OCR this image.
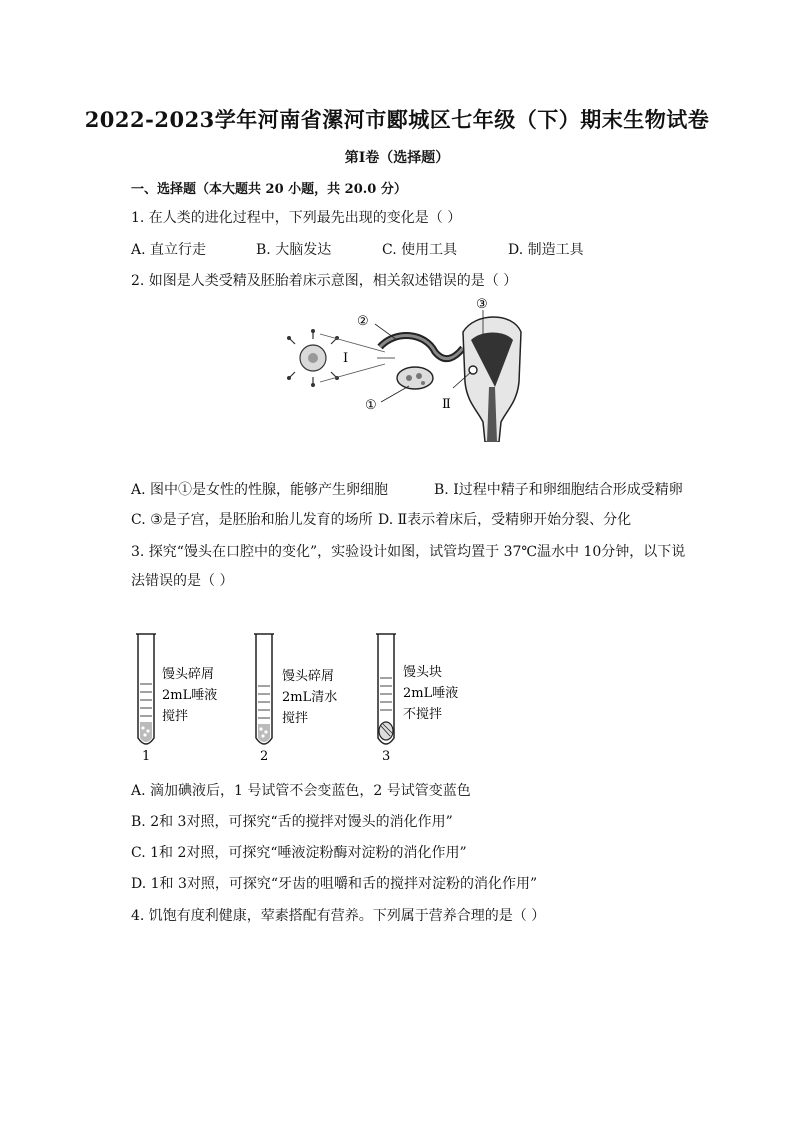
2022-2023学年河南省漯河市郾城区七年级（下）期末生物试卷
第Ⅰ卷（选择题）
一、选择题（本大题共 20 小题，共 20.0 分）
1. 在人类的进化过程中，下列最先出现的变化是（ ）
A. 直立行走	B. 大脑发达	C. 使用工具	D. 制造工具
2. 如图是人类受精及胚胎着床示意图，相关叙述错误的是（ ）
②
③
Ⅰ
①	Ⅱ
A. 图中①是女性的性腺，能够产生卵细胞	B. Ⅰ过程中精子和卵细胞结合形成受精卵
C. ③是子宫，是胚胎和胎儿发育的场所 D. Ⅱ表示着床后，受精卵开始分裂、分化
3. 探究“馒头在口腔中的变化”，实验设计如图，试管均置于 37℃温水中 10分钟，以下说
法错误的是（ ）
1
馒头碎屑
2mL唾液
搅拌
2
馒头碎屑
2mL清水
搅拌
3
馒头块
2mL唾液
不搅拌
A. 滴加碘液后，1 号试管不会变蓝色，2 号试管变蓝色
B. 2和 3对照，可探究“舌的搅拌对馒头的消化作用”
C. 1和 2对照，可探究“唾液淀粉酶对淀粉的消化作用”
D. 1和 3对照，可探究“牙齿的咀嚼和舌的搅拌对淀粉的消化作用”
4. 饥饱有度利健康，荤素搭配有营养。下列属于营养合理的是（ ）
